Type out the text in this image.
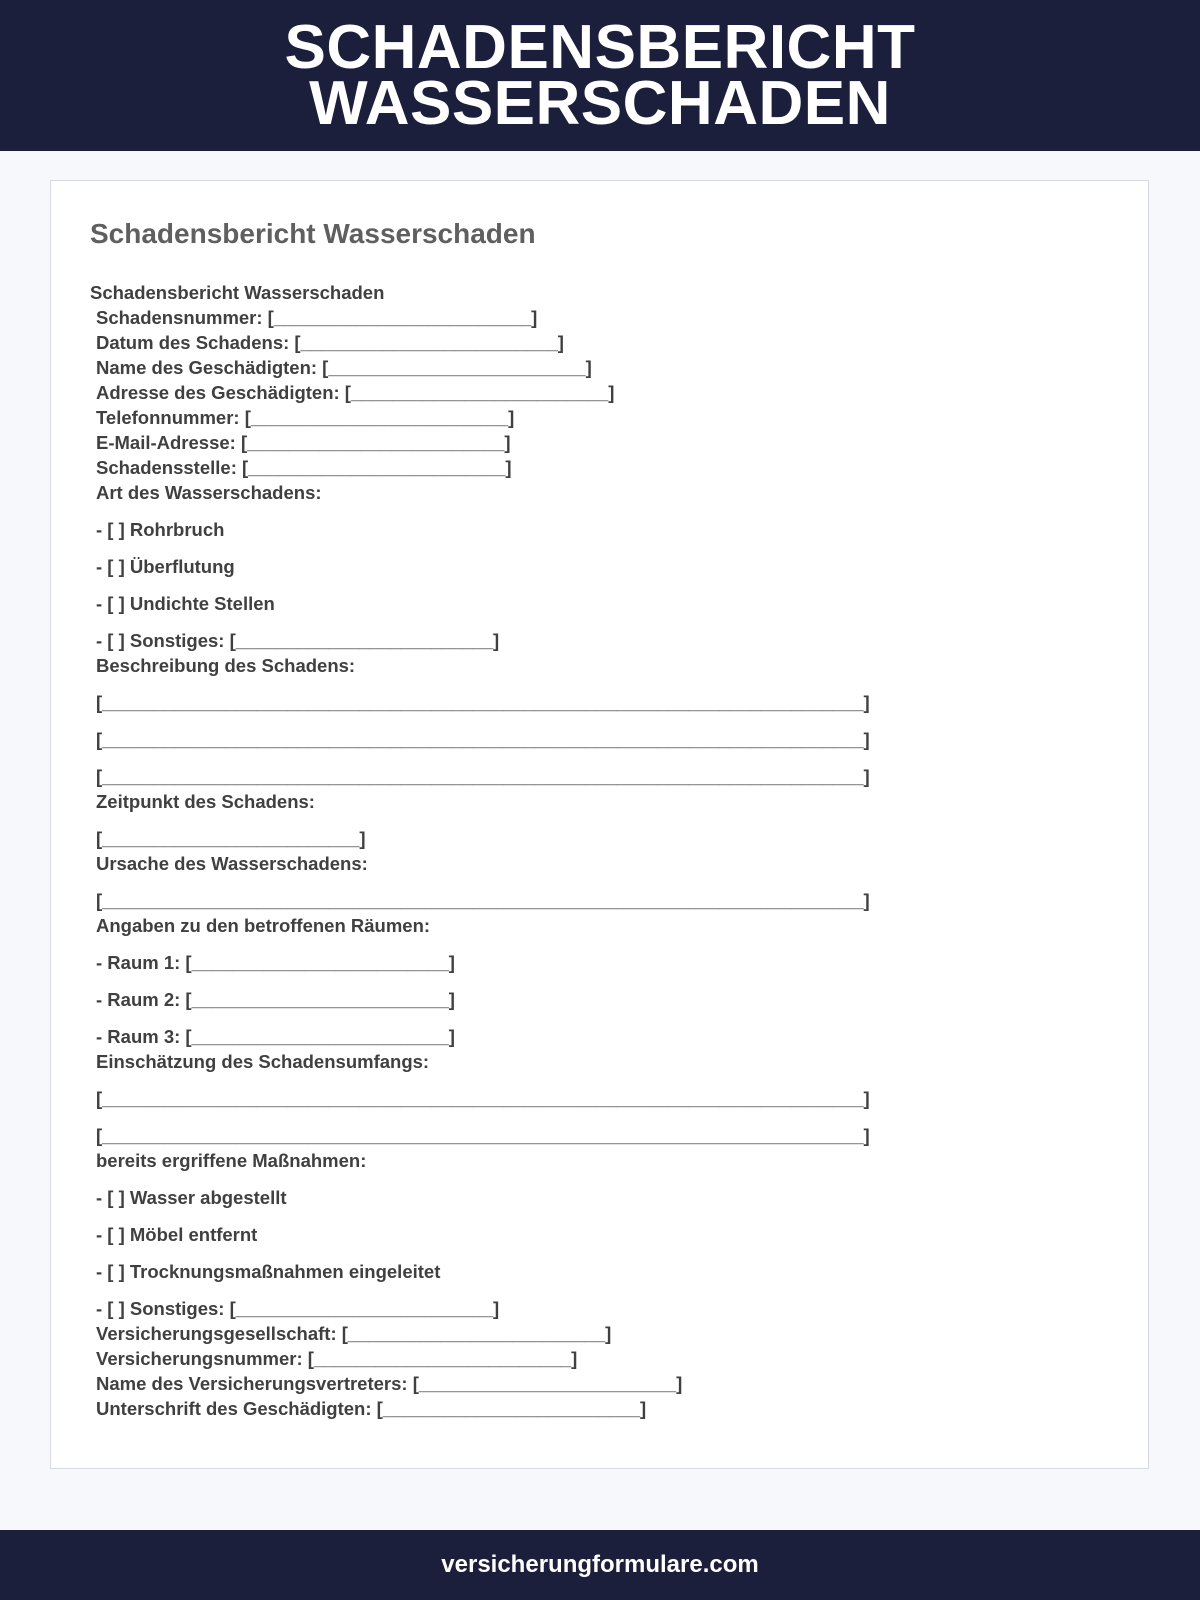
SCHADENSBERICHT
WASSERSCHADEN
Schadensbericht Wasserschaden
Schadensbericht Wasserschaden
Schadensnummer: [_________________________]
Datum des Schadens: [_________________________]
Name des Geschädigten: [_________________________]
Adresse des Geschädigten: [_________________________]
Telefonnummer: [_________________________]
E-Mail-Adresse: [_________________________]
Schadensstelle: [_________________________]
Art des Wasserschadens:
- [ ] Rohrbruch
- [ ] Überflutung
- [ ] Undichte Stellen
- [ ] Sonstiges: [_________________________]
Beschreibung des Schadens:
[__________________________________________________________________________]
[__________________________________________________________________________]
[__________________________________________________________________________]
Zeitpunkt des Schadens:
[_________________________]
Ursache des Wasserschadens:
[__________________________________________________________________________]
Angaben zu den betroffenen Räumen:
- Raum 1: [_________________________]
- Raum 2: [_________________________]
- Raum 3: [_________________________]
Einschätzung des Schadensumfangs:
[__________________________________________________________________________]
[__________________________________________________________________________]
bereits ergriffene Maßnahmen:
- [ ] Wasser abgestellt
- [ ] Möbel entfernt
- [ ] Trocknungsmaßnahmen eingeleitet
- [ ] Sonstiges: [_________________________]
Versicherungsgesellschaft: [_________________________]
Versicherungsnummer: [_________________________]
Name des Versicherungsvertreters: [_________________________]
Unterschrift des Geschädigten: [_________________________]
versicherungformulare.com
